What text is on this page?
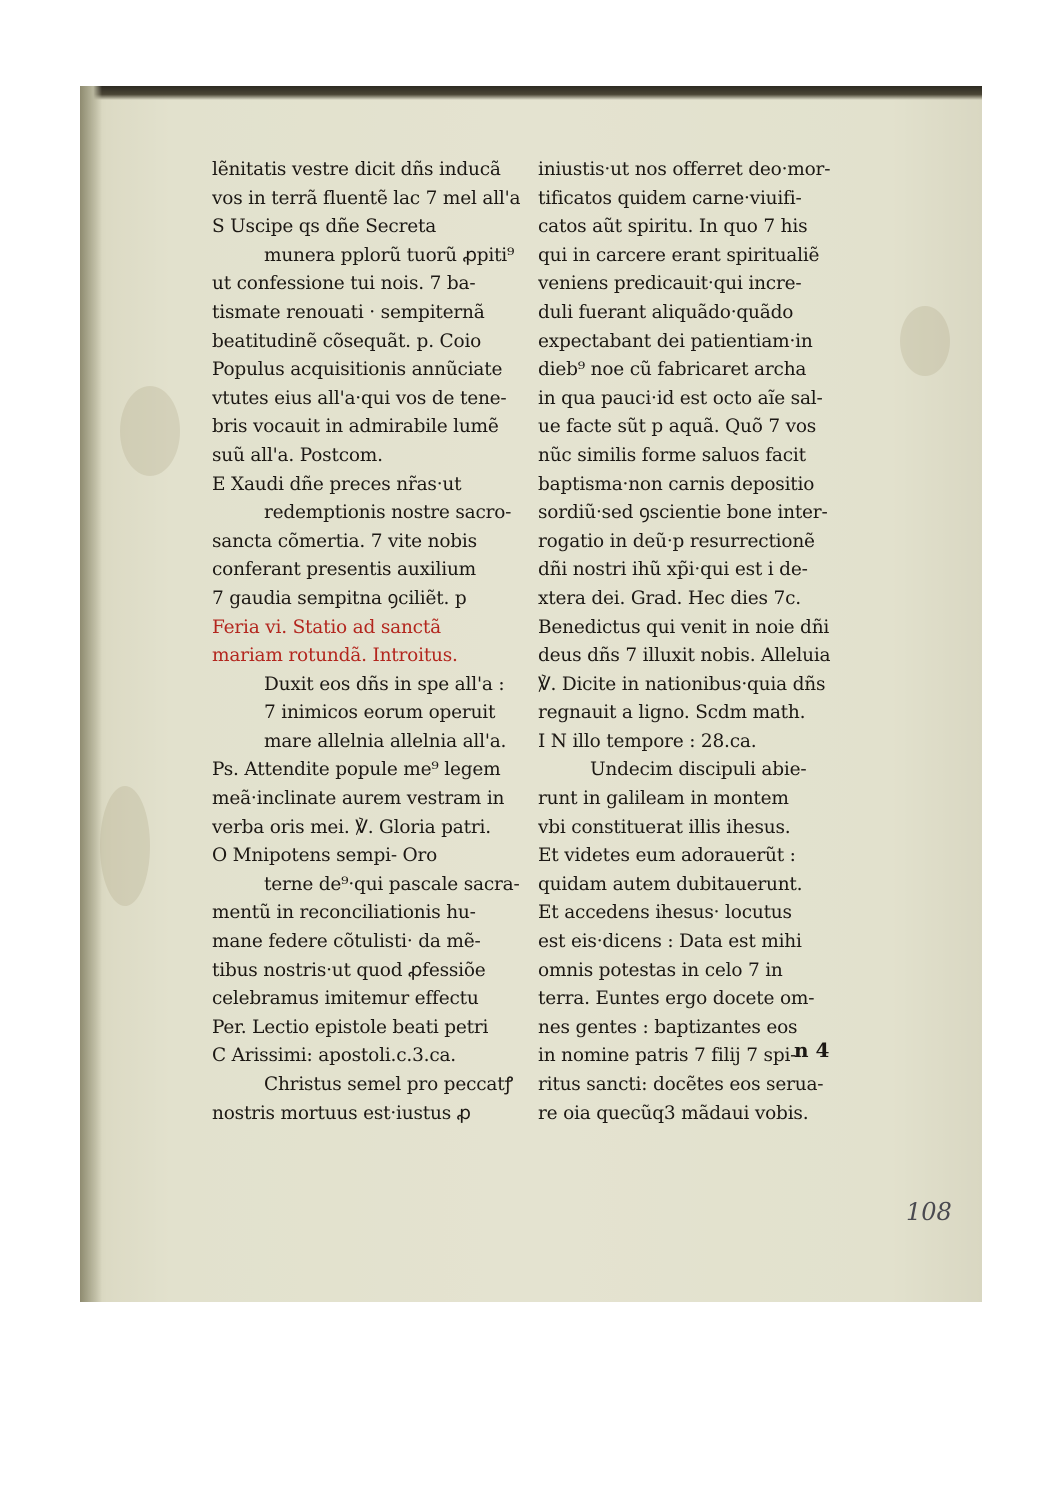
lẽnitatis vestre dicit dñs inducã
vos in terrã fluentẽ lac 7 mel all'a
S Uscipe qs dñe Secreta
munera pplorũ tuorũ ꝓpiti⁹
ut confessione tui nois. 7 ba-
tismate renouati · sempiternã
beatitudinẽ cõsequãt. p. Coio
Populus acquisitionis annũciate
vtutes eius all'a·qui vos de tene-
bris vocauit in admirabile lumẽ
suũ all'a. Postcom.
E Xaudi dñe preces nr̃as·ut
redemptionis nostre sacro-
sancta cõmertia. 7 vite nobis
conferant presentis auxilium
7 gaudia sempitna ꝯciliẽt. p
Feria vi. Statio ad sanctã
mariam rotundã. Introitus.
Duxit eos dñs in spe all'a :
7 inimicos eorum operuit
mare allelnia allelnia all'a.
Ps. Attendite popule me⁹ legem
meã·inclinate aurem vestram in
verba oris mei. ℣. Gloria patri.
O Mnipotens sempi- Oro
terne de⁹·qui pascale sacra-
mentũ in reconciliationis hu-
mane federe cõtulisti· da mẽ-
tibus nostris·ut quod ꝓfessiõe
celebramus imitemur effectu
Per. Lectio epistole beati petri
C Arissimi: apostoli.c.3.ca.
Christus semel pro peccatꝭ
nostris mortuus est·iustus ꝓ
iniustis·ut nos offerret deo·mor-
tificatos quidem carne·viuifi-
catos aũt spiritu. In quo 7 his
qui in carcere erant spiritualiẽ
veniens predicauit·qui incre-
duli fuerant aliquãdo·quãdo
expectabant dei patientiam·in
dieb⁹ noe cũ fabricaret archa
in qua pauci·id est octo aĩe sal-
ue facte sũt p aquã. Quõ 7 vos
nũc similis forme saluos facit
baptisma·non carnis depositio
sordiũ·sed ꝯscientie bone inter-
rogatio in deũ·p resurrectionẽ
dñi nostri ihũ xp̃i·qui est i de-
xtera dei. Grad. Hec dies 7c.
Benedictus qui venit in noie dñi
deus dñs 7 illuxit nobis. Alleluia
℣. Dicite in nationibus·quia dñs
regnauit a ligno. Scdm math.
I N illo tempore : 28.ca.
Undecim discipuli abie-
runt in galileam in montem
vbi constituerat illis ihesus.
Et videtes eum adorauerũt :
quidam autem dubitauerunt.
Et accedens ihesus· locutus
est eis·dicens : Data est mihi
omnis potestas in celo 7 in
terra. Euntes ergo docete om-
nes gentes : baptizantes eos
in nomine patris 7 filij 7 spi-
ritus sancti: docẽtes eos serua-
re oia quecũq3 mãdaui vobis.
n 4
108
